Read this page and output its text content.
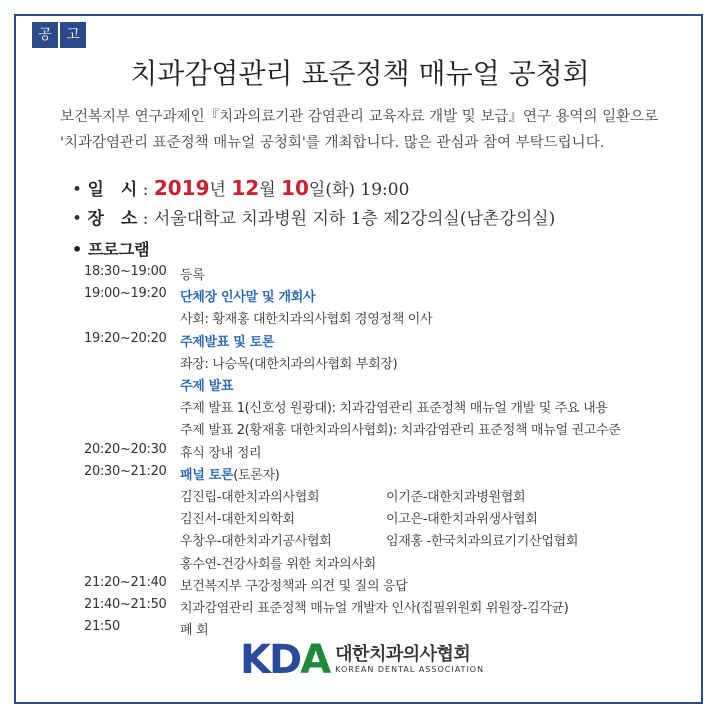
공	고
치과감염관리 표준정책 매뉴얼 공청회
보건복지부 연구과제인『치과의료기관 감염관리 교육자료 개발 및 보급』연구 용역의 일환으로
'치과감염관리 표준정책 매뉴얼 공청회'를 개최합니다. 많은 관심과 참여 부탁드립니다.
• 일　시 : 2019년 12월 10일(화) 19:00
• 장　소 : 서울대학교 치과병원 지하 1층 제2강의실(남촌강의실)
• 프로그램
18:30~19:00	등록
19:00~19:20	단체장 인사말 및 개회사
사회: 황재홍 대한치과의사협회 경영정책 이사
19:20~20:20	주제발표 및 토론
좌장: 나승목(대한치과의사협회 부회장)
주제 발표
주제 발표 1(신호성 원광대): 치과감염관리 표준정책 매뉴얼 개발 및 주요 내용
주제 발표 2(황재홍 대한치과의사협회): 치과감염관리 표준정책 매뉴얼 권고수준
20:20~20:30	휴식 장내 정리
20:30~21:20	패널 토론(토론자)
김진립-대한치과의사협회	이기준-대한치과병원협회
김진서-대한치의학회	이고은-대한치과위생사협회
우창우-대한치과기공사협회	임재홍 -한국치과의료기기산업협회
홍수연-건강사회를 위한 치과의사회
21:20~21:40	보건복지부 구강정책과 의견 및 질의 응답
21:40~21:50	치과감염관리 표준정책 매뉴얼 개발자 인사(집필위원회 위원장-김각균)
21:50	폐 회
KDA 대한치과의사협회
KOREAN DENTAL ASSOCIATION
